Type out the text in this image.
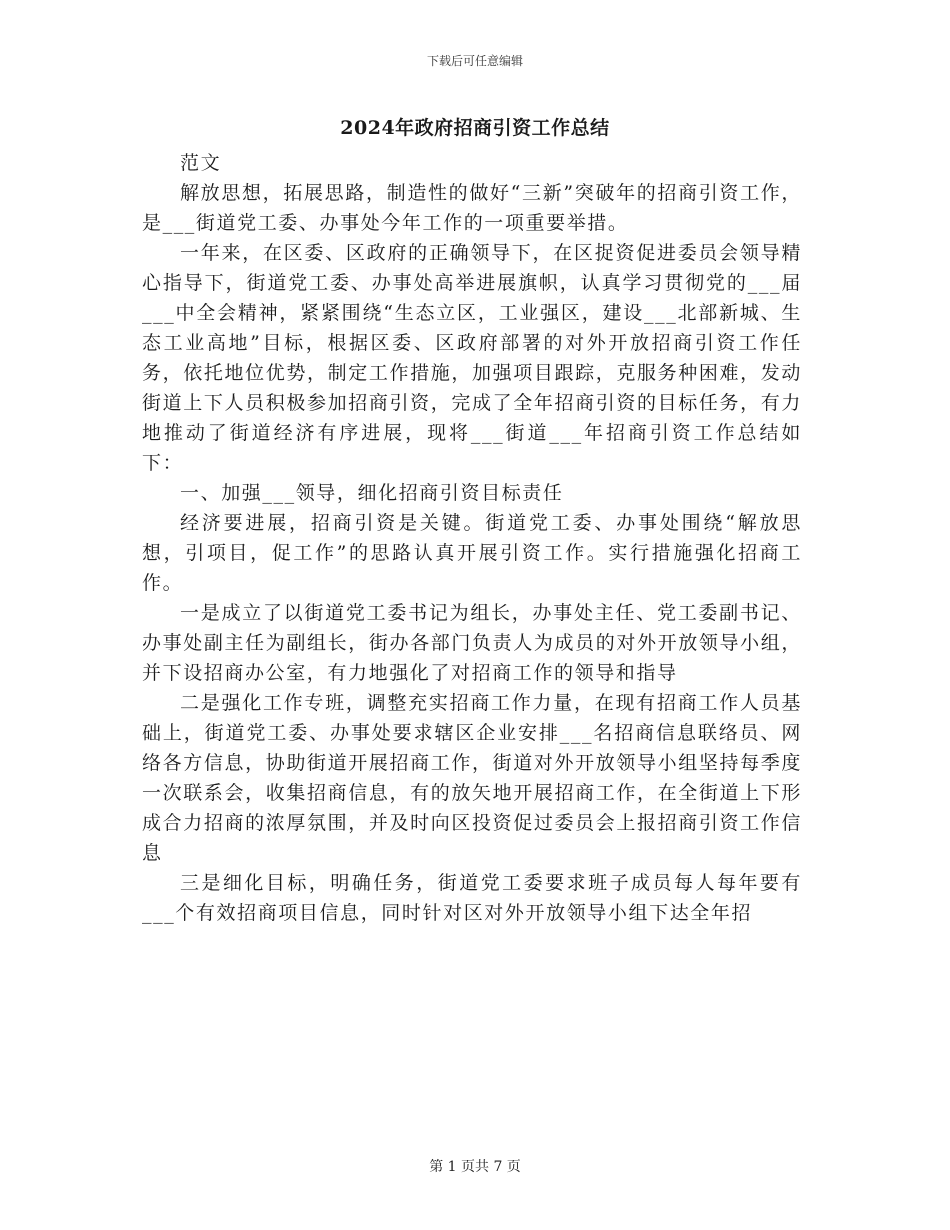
下载后可任意编辑
2024年政府招商引资工作总结

范文

解放思想，拓展思路，制造性的做好“三新”突破年的招商引资工作，是___街道党工委、办事处今年工作的一项重要举措。

一年来，在区委、区政府的正确领导下，在区捉资促进委员会领导精心指导下，街道党工委、办事处高举进展旗帜，认真学习贯彻党的___届___中全会精神，紧紧围绕“生态立区，工业强区，建设___北部新城、生态工业高地”目标，根据区委、区政府部署的对外开放招商引资工作任务，依托地位优势，制定工作措施，加强项目跟踪，克服务种困难，发动街道上下人员积极参加招商引资，完成了全年招商引资的目标任务，有力地推动了街道经济有序进展，现将___街道___年招商引资工作总结如下：

一、加强___领导，细化招商引资目标责任

经济要进展，招商引资是关键。街道党工委、办事处围绕“解放思想，引项目，促工作”的思路认真开展引资工作。实行措施强化招商工作。

一是成立了以街道党工委书记为组长，办事处主任、党工委副书记、办事处副主任为副组长，街办各部门负责人为成员的对外开放领导小组，并下设招商办公室，有力地强化了对招商工作的领导和指导

二是强化工作专班，调整充实招商工作力量，在现有招商工作人员基础上，街道党工委、办事处要求辖区企业安排___名招商信息联络员、网络各方信息，协助街道开展招商工作，街道对外开放领导小组坚持每季度一次联系会，收集招商信息，有的放矢地开展招商工作，在全街道上下形成合力招商的浓厚氛围，并及时向区投资促过委员会上报招商引资工作信息

三是细化目标，明确任务，街道党工委要求班子成员每人每年要有___个有效招商项目信息，同时针对区对外开放领导小组下达全年招

第 1 页共 7 页
